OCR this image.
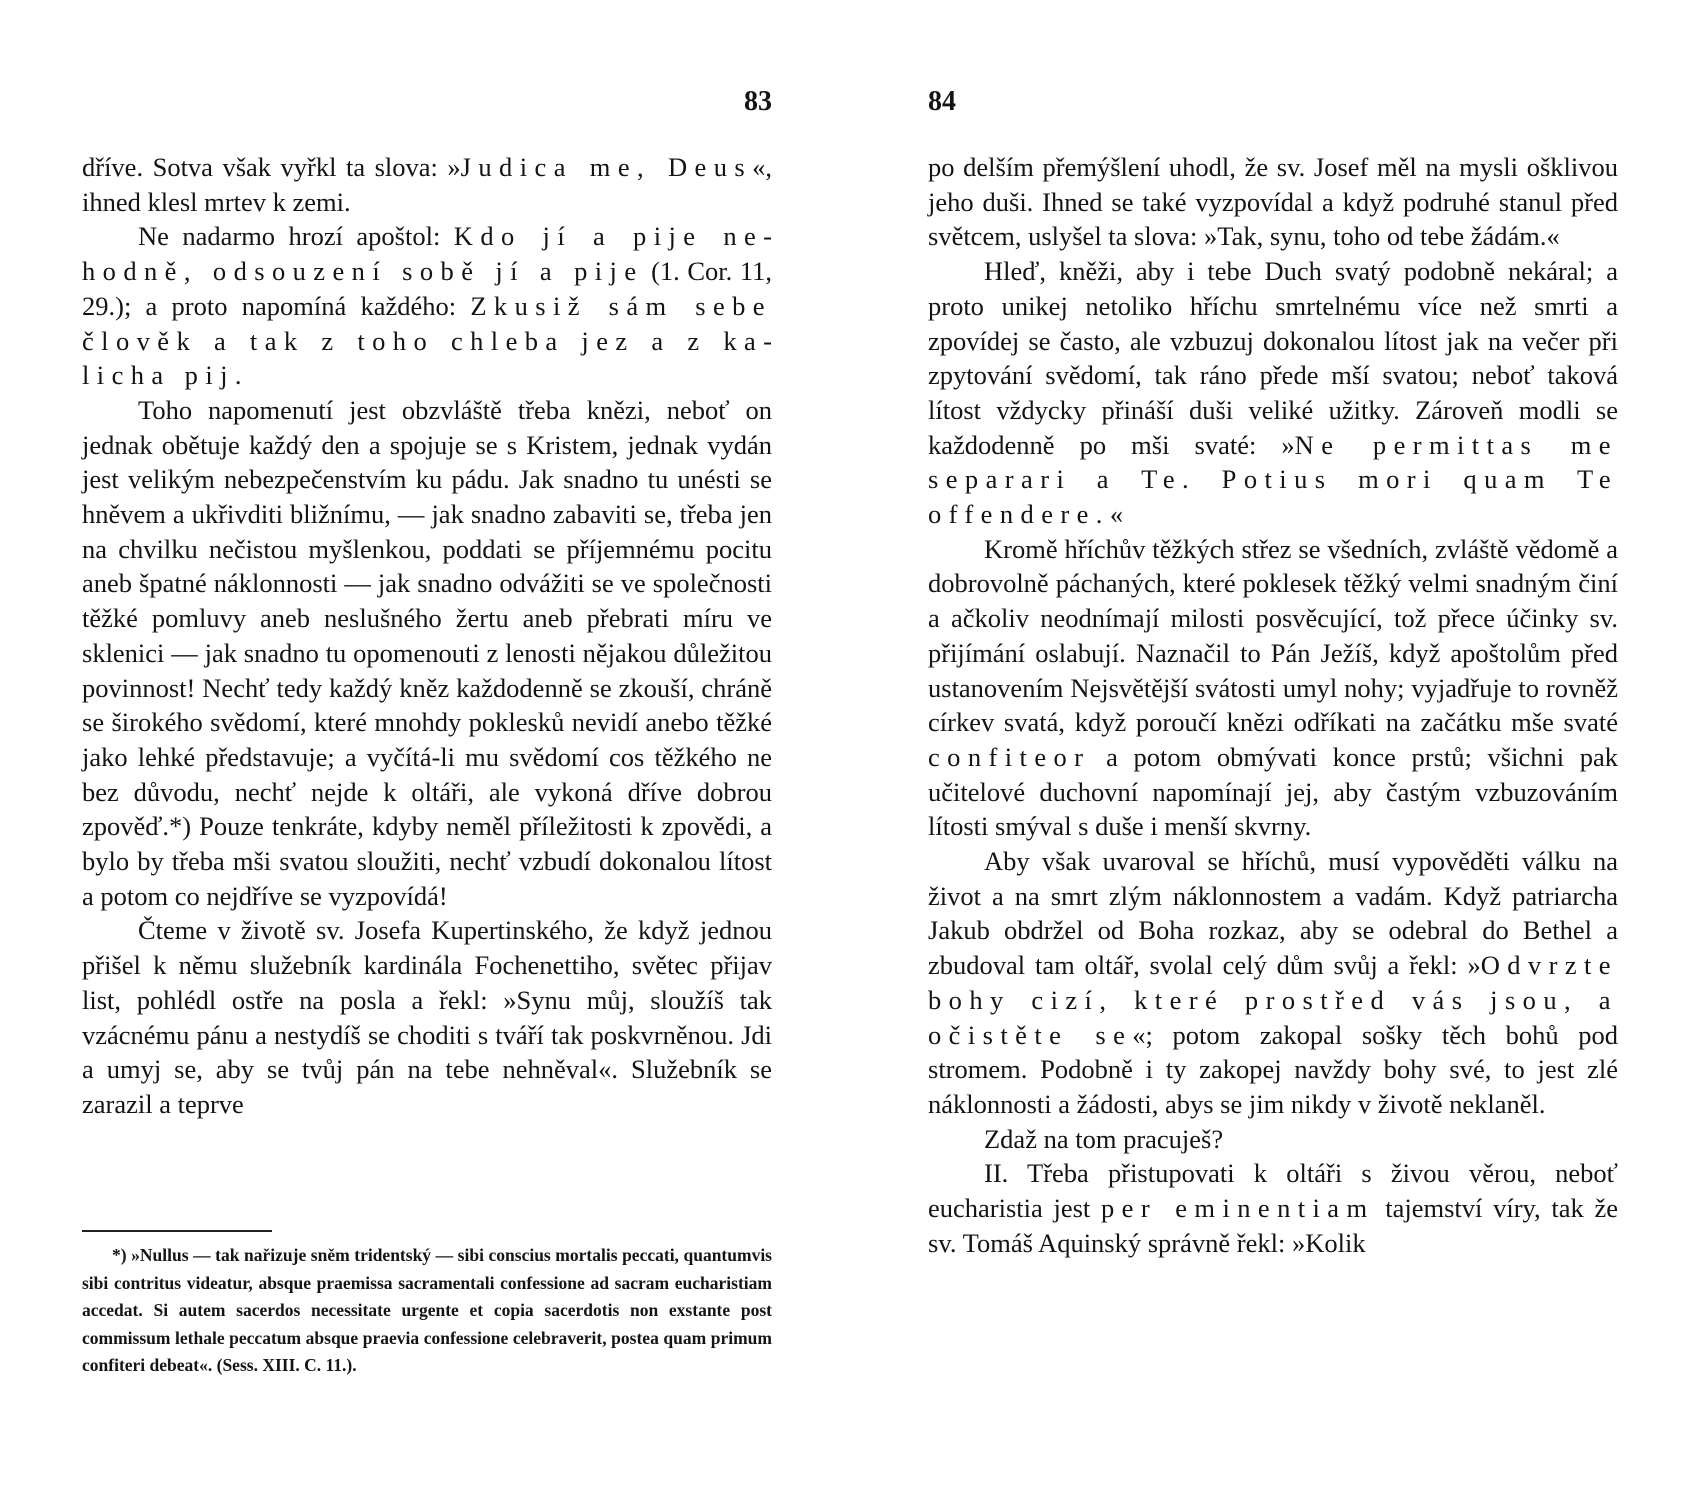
83

dříve. Sotva však vyřkl ta slova: »Judica me, Deus«, ihned klesl mrtev k zemi.

Ne nadarmo hrozí apoštol: Kdo jí a pije nehodně, odsouzení sobě jí a pije (1. Cor. 11, 29.); a proto napomíná každého: Zkusiž sám sebe člověk a tak z toho chleba jez a z kalicha pij.

Toho napomenutí jest obzvláště třeba knězi, neboť on jednak obětuje každý den a spojuje se s Kristem, jednak vydán jest velikým nebezpečenstvím ku pádu. Jak snadno tu unésti se hněvem a ukřivditi bližnímu, — jak snadno zabaviti se, třeba jen na chvilku nečistou myšlenkou, poddati se příjemnému pocitu aneb špatné náklonnosti — jak snadno odvážiti se ve společnosti těžké pomluvy aneb neslušného žertu aneb přebrati míru ve sklenici — jak snadno tu opomenouti z lenosti nějakou důležitou povinnost! Nechť tedy každý kněz každodenně se zkouší, chráně se širokého svědomí, které mnohdy poklesků nevidí anebo těžké jako lehké představuje; a vyčítá-li mu svědomí cos těžkého ne bez důvodu, nechť nejde k oltáři, ale vykoná dříve dobrou zpověď.*) Pouze tenkráte, kdyby neměl příležitosti k zpovědi, a bylo by třeba mši svatou sloužiti, nechť vzbudí dokonalou lítost a potom co nejdříve se vyzpovídá!

Čteme v životě sv. Josefa Kupertinského, že když jednou přišel k němu služebník kardinála Fochenettiho, světec přijav list, pohlédl ostře na posla a řekl: »Synu můj, sloužíš tak vzácnému pánu a nestydíš se choditi s tváří tak poskvrněnou. Jdi a umyj se, aby se tvůj pán na tebe nehněval«. Služebník se zarazil a teprve

*) »Nullus — tak nařizuje sněm tridentský — sibi conscius mortalis peccati, quantumvis sibi contritus videatur, absque praemissa sacramentali confessione ad sacram eucharistiam accedat. Si autem sacerdos necessitate urgente et copia sacerdotis non exstante post commissum lethale peccatum absque praevia confessione celebraverit, postea quam primum confiteri debeat«. (Sess. XIII. C. 11.).

84

po delším přemýšlení uhodl, že sv. Josef měl na mysli ošklivou jeho duši. Ihned se také vyzpovídal a když podruhé stanul před světcem, uslyšel ta slova: »Tak, synu, toho od tebe žádám.«

Hleď, kněži, aby i tebe Duch svatý podobně nekáral; a proto unikej netoliko hříchu smrtelnému více než smrti a zpovídej se často, ale vzbuzuj dokonalou lítost jak na večer při zpytování svědomí, tak ráno přede mší svatou; neboť taková lítost vždycky přináší duši veliké užitky. Zároveň modli se každodenně po mši svaté: »Ne permittas me separari a Te. Potius mori quam Te offendere.«

Kromě hříchův těžkých střez se všedních, zvláště vědomě a dobrovolně páchaných, které poklesek těžký velmi snadným činí a ačkoliv neodnímají milosti posvěcující, tož přece účinky sv. přijímání oslabují. Naznačil to Pán Ježíš, když apoštolům před ustanovením Nejsvětější svátosti umyl nohy; vyjadřuje to rovněž církev svatá, když poroučí knězi odříkati na začátku mše svaté confiteor a potom obmývati konce prstů; všichni pak učitelové duchovní napomínají jej, aby častým vzbuzováním lítosti smýval s duše i menší skvrny.

Aby však uvaroval se hříchů, musí vypověděti válku na život a na smrt zlým náklonnostem a vadám. Když patriarcha Jakub obdržel od Boha rozkaz, aby se odebral do Bethel a zbudoval tam oltář, svolal celý dům svůj a řekl: »Odvrzte bohy cizí, které prostřed vás jsou, a očistěte se«; potom zakopal sošky těch bohů pod stromem. Podobně i ty zakopej navždy bohy své, to jest zlé náklonnosti a žádosti, abys se jim nikdy v životě neklaněl.

Zdaž na tom pracuješ?

II. Třeba přistupovati k oltáři s živou věrou, neboť eucharistia jest per eminentiam tajemství víry, tak že sv. Tomáš Aquinský správně řekl: »Kolik
